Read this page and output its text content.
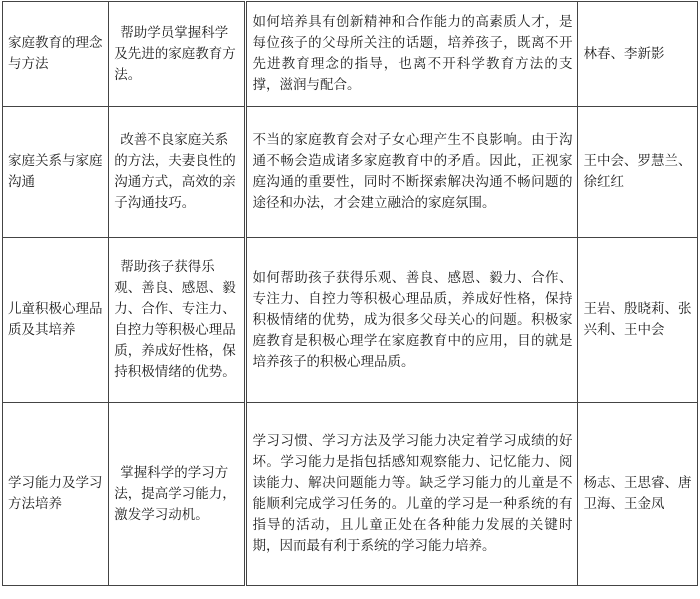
家庭教育的理念与方法	帮助学员掌握科学及先进的家庭教育方法。	如何培养具有创新精神和合作能力的高素质人才，是每位孩子的父母所关注的话题，培养孩子，既离不开先进教育理念的指导，也离不开科学教育方法的支撑，滋润与配合。	林春、李新影
家庭关系与家庭沟通	改善不良家庭关系的方法，夫妻良性的沟通方式，高效的亲子沟通技巧。	不当的家庭教育会对子女心理产生不良影响。由于沟通不畅会造成诸多家庭教育中的矛盾。因此，正视家庭沟通的重要性，同时不断探索解决沟通不畅问题的途径和办法，才会建立融洽的家庭氛围。	王中会、罗慧兰、徐红红
儿童积极心理品质及其培养	帮助孩子获得乐观、善良、感恩、毅力、合作、专注力、自控力等积极心理品质，养成好性格，保持积极情绪的优势。	如何帮助孩子获得乐观、善良、感恩、毅力、合作、专注力、自控力等积极心理品质，养成好性格，保持积极情绪的优势，成为很多父母关心的问题。积极家庭教育是积极心理学在家庭教育中的应用，目的就是培养孩子的积极心理品质。	王岩、殷晓莉、张兴利、王中会
学习能力及学习方法培养	掌握科学的学习方法，提高学习能力，激发学习动机。	学习习惯、学习方法及学习能力决定着学习成绩的好坏。学习能力是指包括感知观察能力、记忆能力、阅读能力、解决问题能力等。缺乏学习能力的儿童是不能顺利完成学习任务的。儿童的学习是一种系统的有指导的活动，且儿童正处在各种能力发展的关键时期，因而最有利于系统的学习能力培养。	杨志、王思睿、唐卫海、王金凤
